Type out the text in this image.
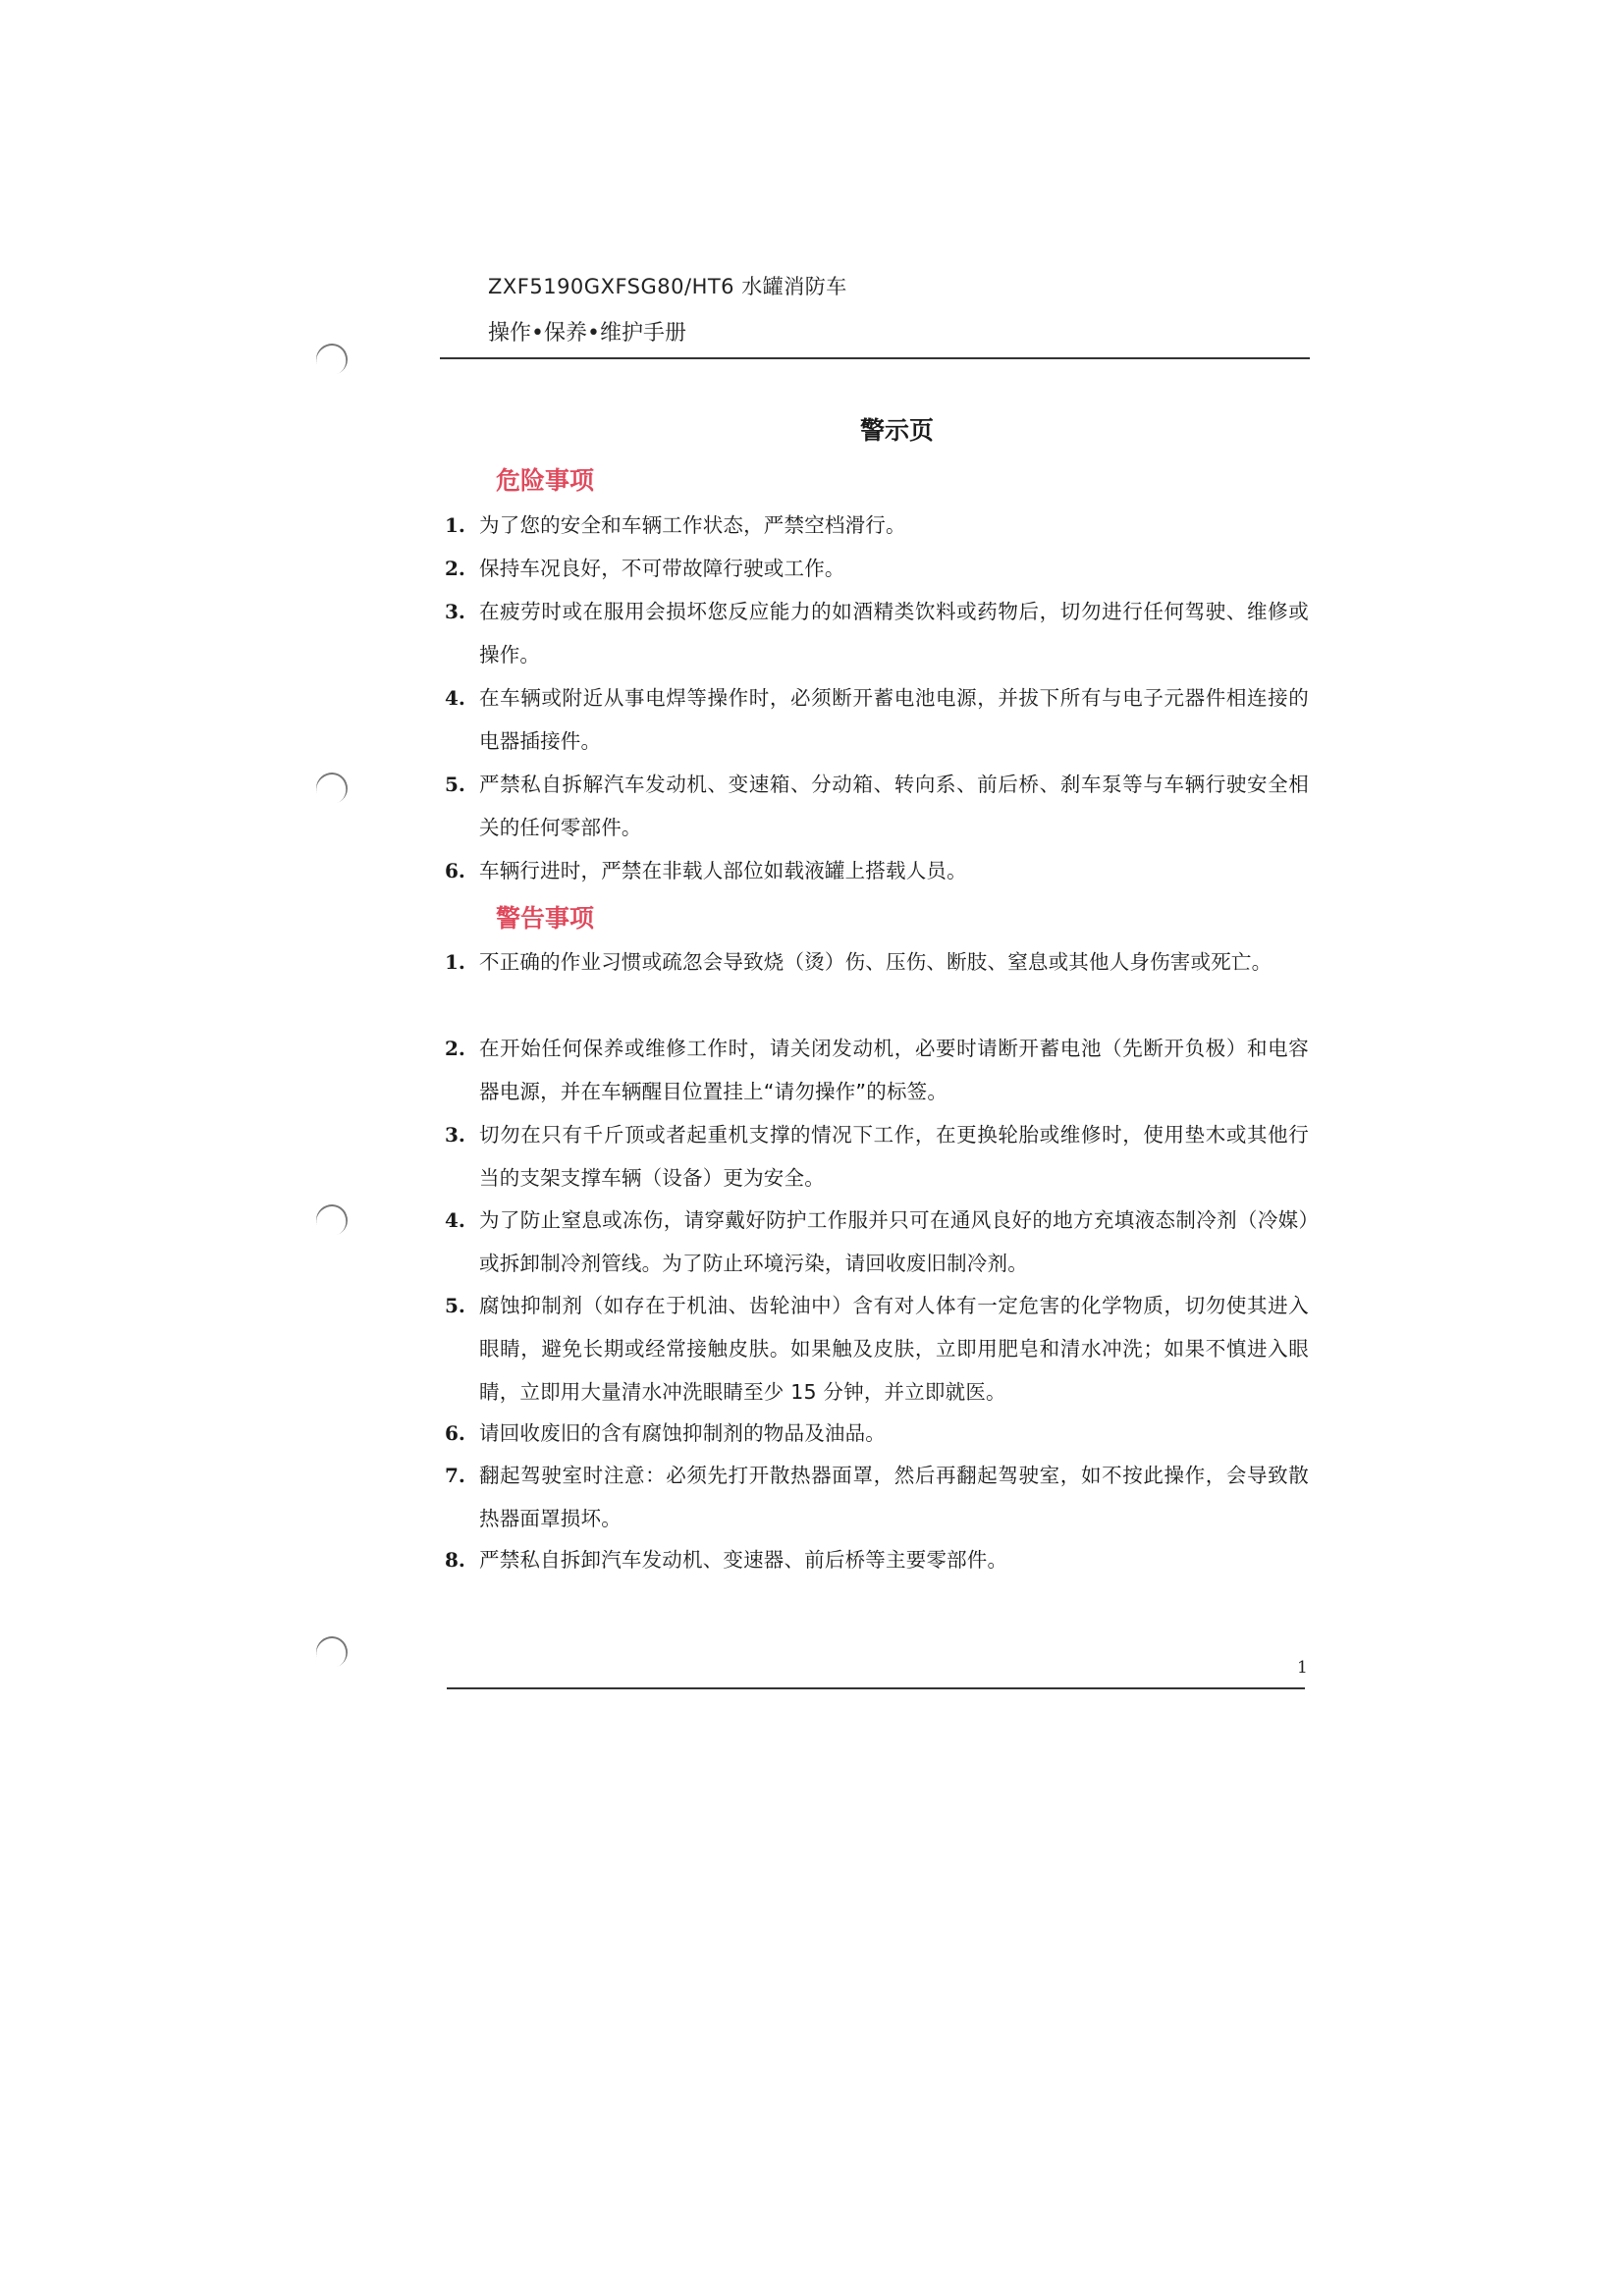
ZXF5190GXFSG80/HT6 水罐消防车
操作•保养•维护手册
警示页
危险事项
1. 为了您的安全和车辆工作状态，严禁空档滑行。
2. 保持车况良好，不可带故障行驶或工作。
3. 在疲劳时或在服用会损坏您反应能力的如酒精类饮料或药物后，切勿进行任何驾驶、维修或操作。
4. 在车辆或附近从事电焊等操作时，必须断开蓄电池电源，并拔下所有与电子元器件相连接的电器插接件。
5. 严禁私自拆解汽车发动机、变速箱、分动箱、转向系、前后桥、刹车泵等与车辆行驶安全相关的任何零部件。
6. 车辆行进时，严禁在非载人部位如载液罐上搭载人员。
警告事项
1. 不正确的作业习惯或疏忽会导致烧（烫）伤、压伤、断肢、窒息或其他人身伤害或死亡。
2. 在开始任何保养或维修工作时，请关闭发动机，必要时请断开蓄电池（先断开负极）和电容器电源，并在车辆醒目位置挂上“请勿操作”的标签。
3. 切勿在只有千斤顶或者起重机支撑的情况下工作，在更换轮胎或维修时，使用垫木或其他行当的支架支撑车辆（设备）更为安全。
4. 为了防止窒息或冻伤，请穿戴好防护工作服并只可在通风良好的地方充填液态制冷剂（冷媒）或拆卸制冷剂管线。为了防止环境污染，请回收废旧制冷剂。
5. 腐蚀抑制剂（如存在于机油、齿轮油中）含有对人体有一定危害的化学物质，切勿使其进入眼睛，避免长期或经常接触皮肤。如果触及皮肤，立即用肥皂和清水冲洗；如果不慎进入眼睛，立即用大量清水冲洗眼睛至少 15 分钟，并立即就医。
6. 请回收废旧的含有腐蚀抑制剂的物品及油品。
7. 翻起驾驶室时注意：必须先打开散热器面罩，然后再翻起驾驶室，如不按此操作，会导致散热器面罩损坏。
8. 严禁私自拆卸汽车发动机、变速器、前后桥等主要零部件。
1
